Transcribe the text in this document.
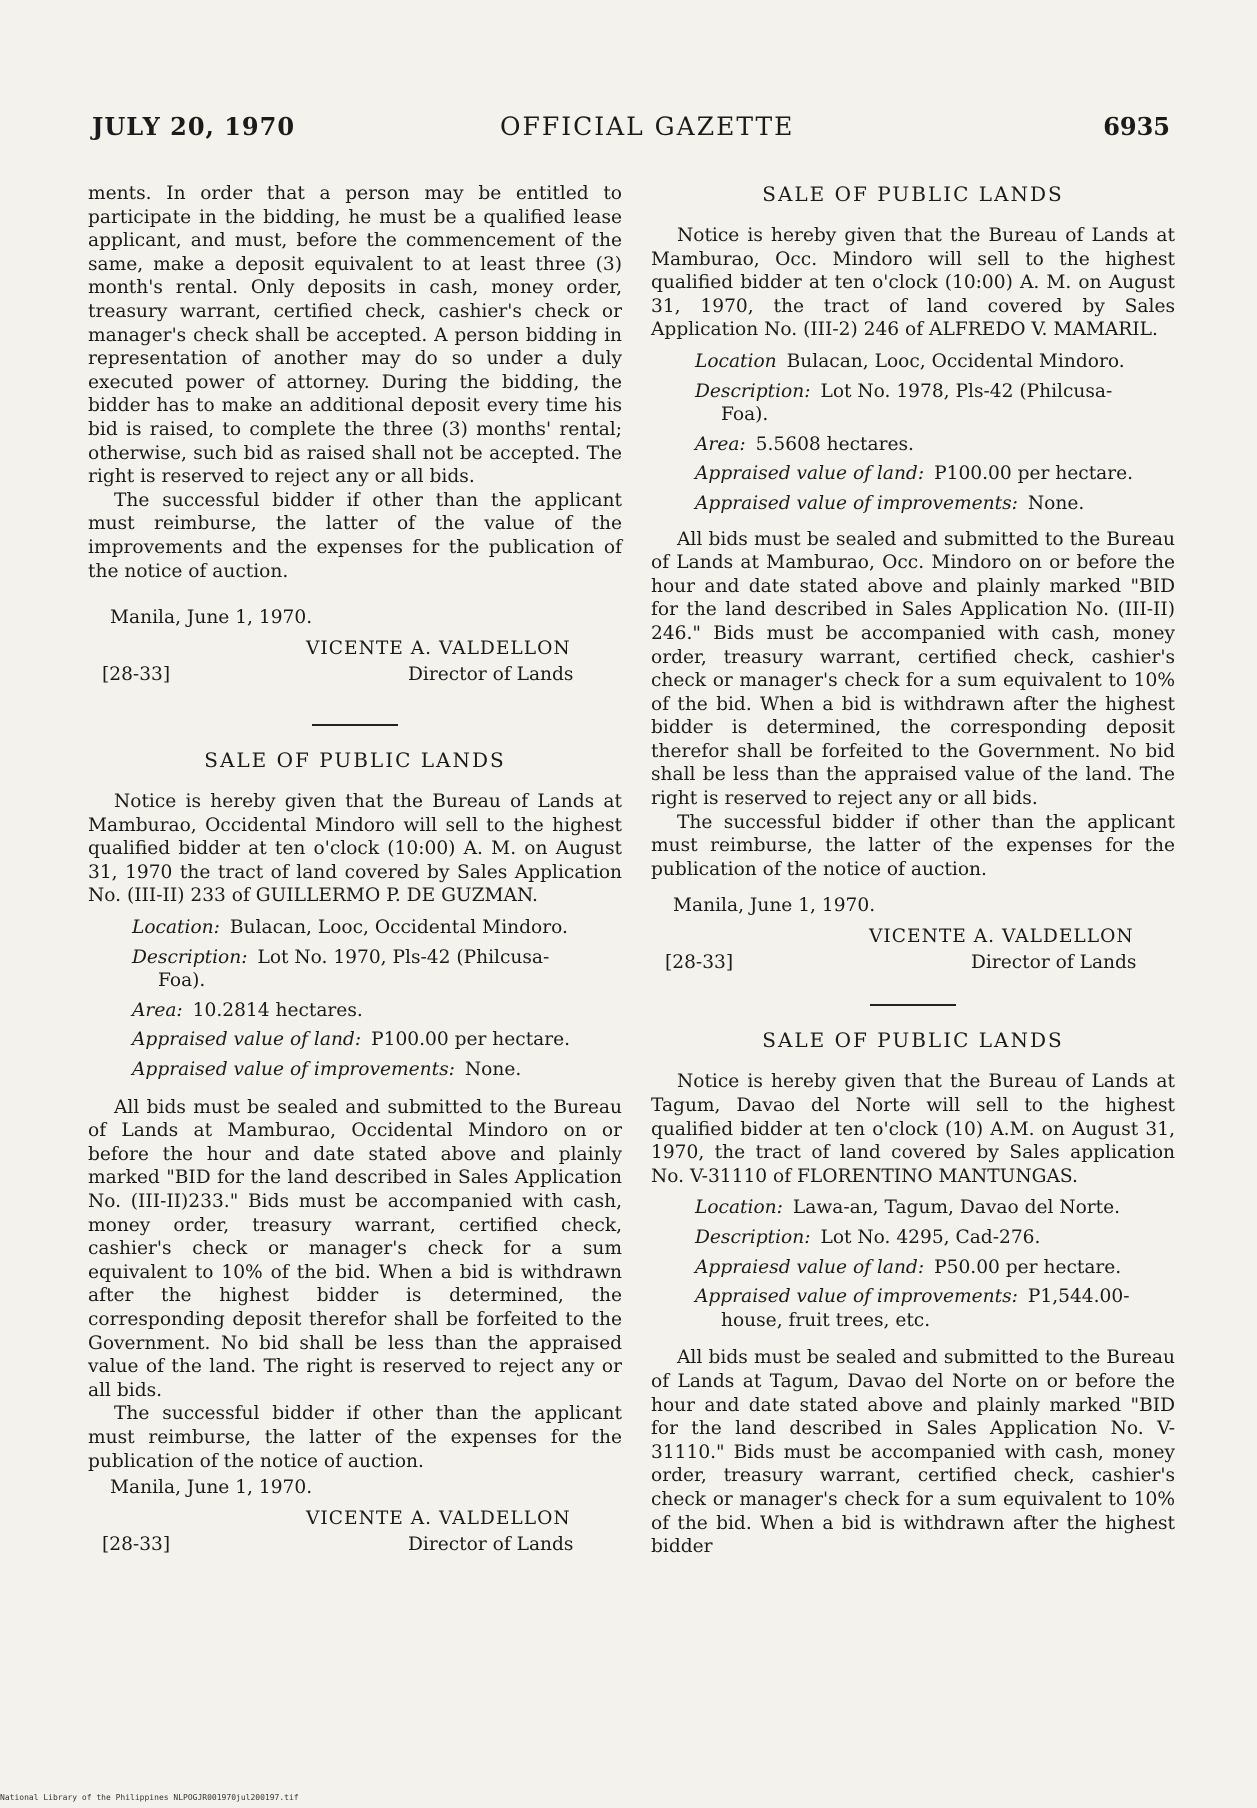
JULY 20, 1970	OFFICIAL GAZETTE	6935

ments. In order that a person may be entitled to participate in the bidding, he must be a qualified lease applicant, and must, before the commencement of the same, make a deposit equivalent to at least three (3) month's rental. Only deposits in cash, money order, treasury warrant, certified check, cashier's check or manager's check shall be accepted. A person bidding in representation of another may do so under a duly executed power of attorney. During the bidding, the bidder has to make an additional deposit every time his bid is raised, to complete the three (3) months' rental; otherwise, such bid as raised shall not be accepted. The right is reserved to reject any or all bids.

The successful bidder if other than the applicant must reimburse, the latter of the value of the improvements and the expenses for the publication of the notice of auction.

Manila, June 1, 1970.
VICENTE A. VALDELLON
[28-33]	Director of Lands
SALE OF PUBLIC LANDS

Notice is hereby given that the Bureau of Lands at Mamburao, Occidental Mindoro will sell to the highest qualified bidder at ten o'clock (10:00) A. M. on August 31, 1970 the tract of land covered by Sales Application No. (III-II) 233 of GUILLERMO P. DE GUZMAN.

Location: Bulacan, Looc, Occidental Mindoro.
Description: Lot No. 1970, Pls-42 (Philcusa-
Foa).
Area: 10.2814 hectares.
Appraised value of land: P100.00 per hectare.
Appraised value of improvements: None.

All bids must be sealed and submitted to the Bureau of Lands at Mamburao, Occidental Mindoro on or before the hour and date stated above and plainly marked "BID for the land described in Sales Application No. (III-II)233." Bids must be accompanied with cash, money order, treasury warrant, certified check, cashier's check or manager's check for a sum equivalent to 10% of the bid. When a bid is withdrawn after the highest bidder is determined, the corresponding deposit therefor shall be forfeited to the Government. No bid shall be less than the appraised value of the land. The right is reserved to reject any or all bids.

The successful bidder if other than the applicant must reimburse, the latter of the expenses for the publication of the notice of auction.

Manila, June 1, 1970.
VICENTE A. VALDELLON
[28-33]	Director of Lands
SALE OF PUBLIC LANDS

Notice is hereby given that the Bureau of Lands at Mamburao, Occ. Mindoro will sell to the highest qualified bidder at ten o'clock (10:00) A. M. on August 31, 1970, the tract of land covered by Sales Application No. (III-2) 246 of ALFREDO V. MAMARIL.

Location Bulacan, Looc, Occidental Mindoro.
Description: Lot No. 1978, Pls-42 (Philcusa-
Foa).
Area: 5.5608 hectares.
Appraised value of land: P100.00 per hectare.
Appraised value of improvements: None.

All bids must be sealed and submitted to the Bureau of Lands at Mamburao, Occ. Mindoro on or before the hour and date stated above and plainly marked "BID for the land described in Sales Application No. (III-II) 246." Bids must be accompanied with cash, money order, treasury warrant, certified check, cashier's check or manager's check for a sum equivalent to 10% of the bid. When a bid is withdrawn after the highest bidder is determined, the corresponding deposit therefor shall be forfeited to the Government. No bid shall be less than the appraised value of the land. The right is reserved to reject any or all bids.

The successful bidder if other than the applicant must reimburse, the latter of the expenses for the publication of the notice of auction.

Manila, June 1, 1970.
VICENTE A. VALDELLON
[28-33]	Director of Lands
SALE OF PUBLIC LANDS

Notice is hereby given that the Bureau of Lands at Tagum, Davao del Norte will sell to the highest qualified bidder at ten o'clock (10) A.M. on August 31, 1970, the tract of land covered by Sales application No. V-31110 of FLORENTINO MANTUNGAS.

Location: Lawa-an, Tagum, Davao del Norte.
Description: Lot No. 4295, Cad-276.
Appraiesd value of land: P50.00 per hectare.
Appraised value of improvements: P1,544.00-
house, fruit trees, etc.

All bids must be sealed and submitted to the Bureau of Lands at Tagum, Davao del Norte on or before the hour and date stated above and plainly marked "BID for the land described in Sales Application No. V-31110." Bids must be accompanied with cash, money order, treasury warrant, certified check, cashier's check or manager's check for a sum equivalent to 10% of the bid. When a bid is withdrawn after the highest bidder

National Library of the Philippines NLPOGJR001970jul200197.tif
